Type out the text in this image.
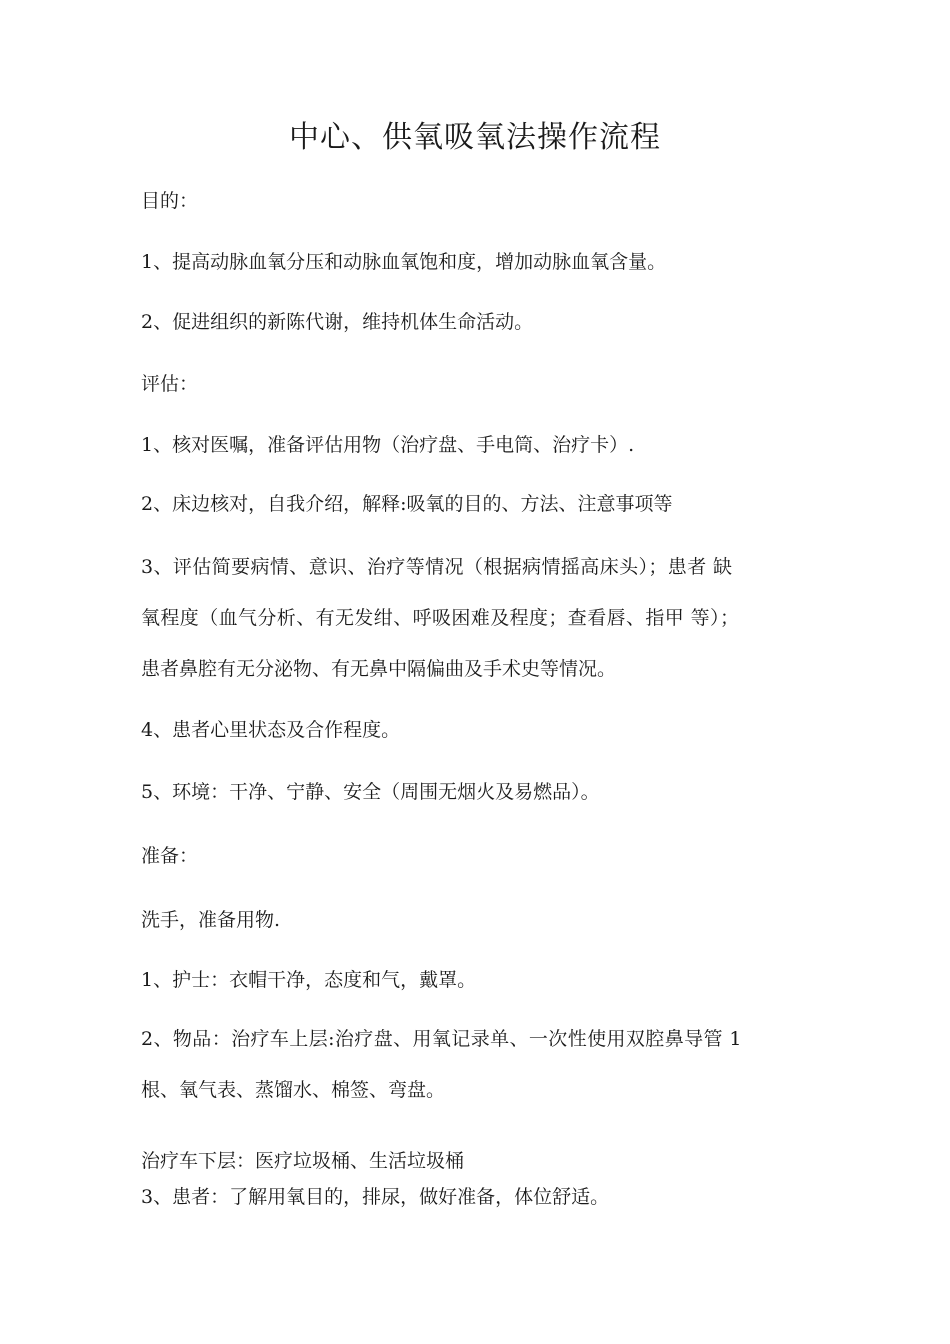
中心、供氧吸氧法操作流程
目的：
1、提高动脉血氧分压和动脉血氧饱和度，增加动脉血氧含量。
2、促进组织的新陈代谢，维持机体生命活动。
评估：
1、核对医嘱，准备评估用物（治疗盘、手电筒、治疗卡）.
2、床边核对，自我介绍，解释:吸氧的目的、方法、注意事项等
3、评估简要病情、意识、治疗等情况（根据病情摇高床头）；患者 缺
氧程度（血气分析、有无发绀、呼吸困难及程度；查看唇、指甲 等）；
患者鼻腔有无分泌物、有无鼻中隔偏曲及手术史等情况。
4、患者心里状态及合作程度。
5、环境：干净、宁静、安全（周围无烟火及易燃品）。
准备：
洗手，准备用物.
1、护士：衣帽干净，态度和气，戴罩。
2、物品：治疗车上层:治疗盘、用氧记录单、一次性使用双腔鼻导管 1
根、氧气表、蒸馏水、棉签、弯盘。
治疗车下层：医疗垃圾桶、生活垃圾桶
3、患者：了解用氧目的，排尿，做好准备，体位舒适。
